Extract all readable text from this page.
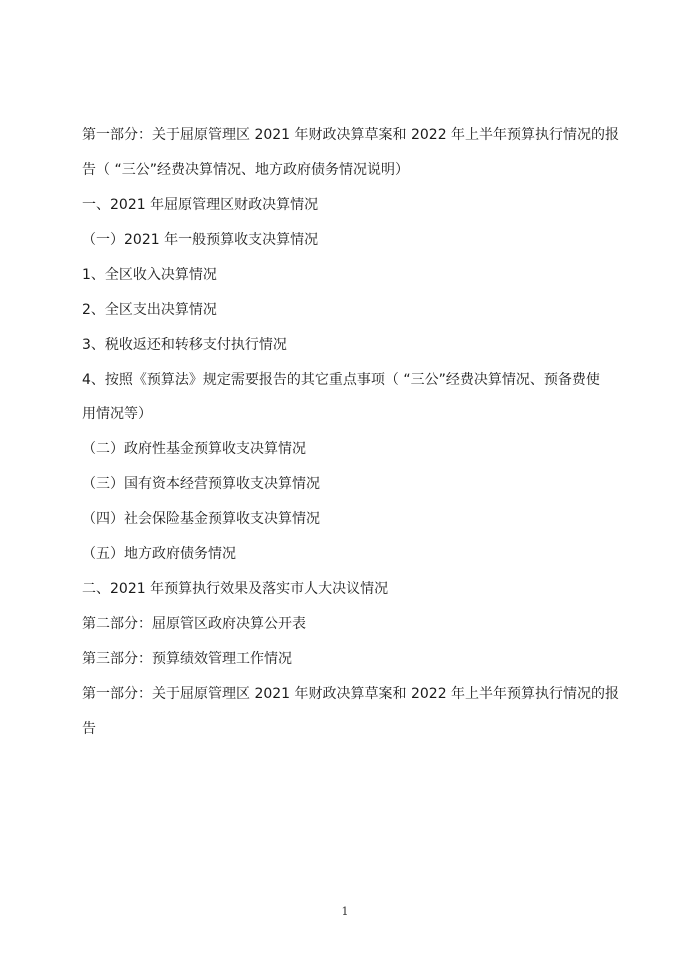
第一部分：关于屈原管理区 2021 年财政决算草案和 2022 年上半年预算执行情况的报
告（ “三公”经费决算情况、地方政府债务情况说明）
一、2021 年屈原管理区财政决算情况
（一）2021 年一般预算收支决算情况
1、全区收入决算情况
2、全区支出决算情况
3、税收返还和转移支付执行情况
4、按照《预算法》规定需要报告的其它重点事项（ “三公”经费决算情况、预备费使
用情况等）
（二）政府性基金预算收支决算情况
（三）国有资本经营预算收支决算情况
（四）社会保险基金预算收支决算情况
（五）地方政府债务情况
二、2021 年预算执行效果及落实市人大决议情况
第二部分：屈原管区政府决算公开表
第三部分：预算绩效管理工作情况
第一部分：关于屈原管理区 2021 年财政决算草案和 2022 年上半年预算执行情况的报
告
1
